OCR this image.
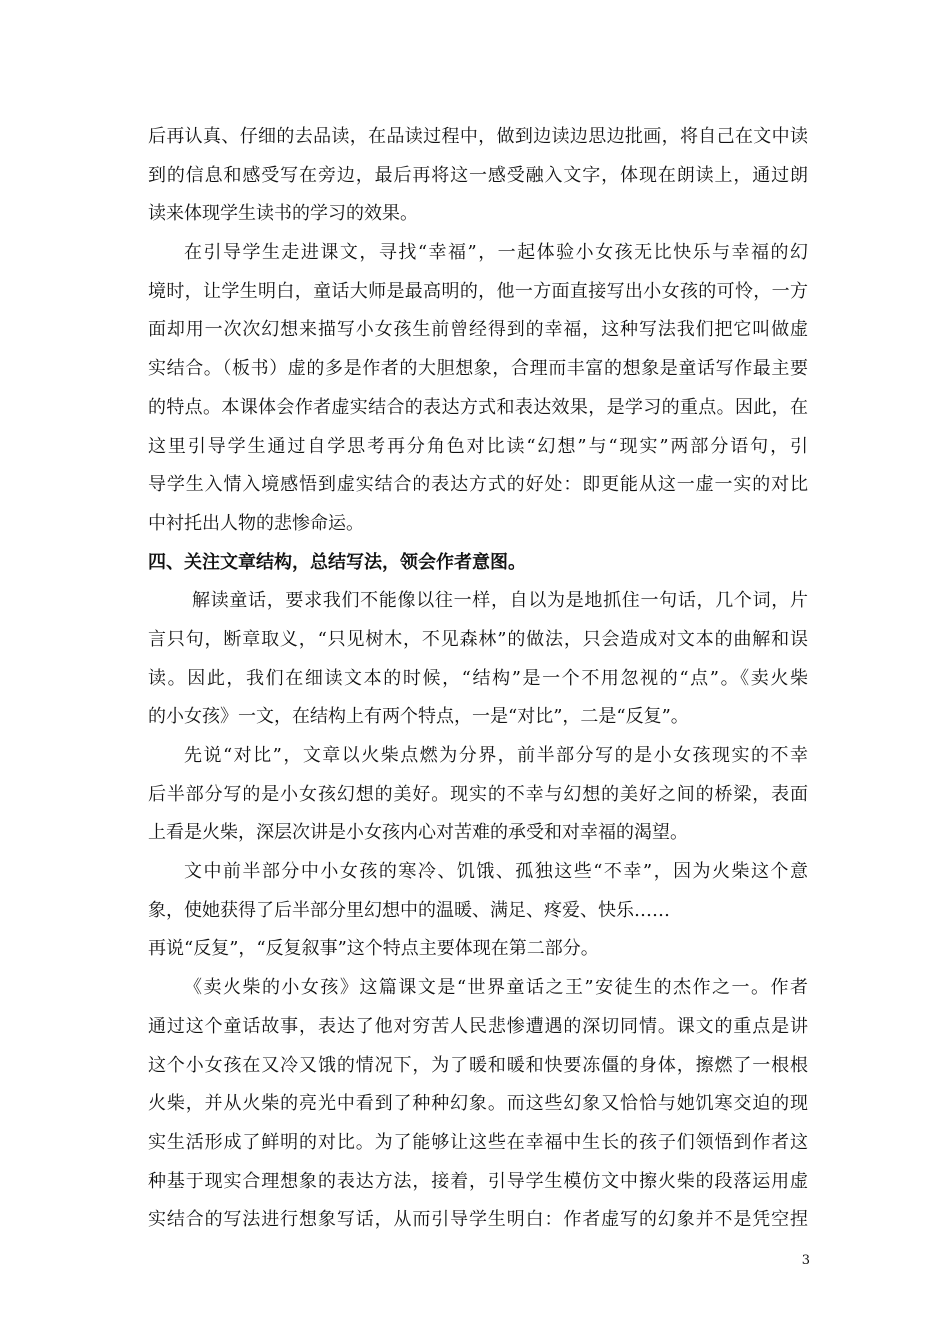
后再认真、仔细的去品读，在品读过程中，做到边读边思边批画，将自己在文中读
到的信息和感受写在旁边，最后再将这一感受融入文字，体现在朗读上，通过朗
读来体现学生读书的学习的效果。
在引导学生走进课文，寻找“幸福”，一起体验小女孩无比快乐与幸福的幻
境时，让学生明白，童话大师是最高明的，他一方面直接写出小女孩的可怜，一方
面却用一次次幻想来描写小女孩生前曾经得到的幸福，这种写法我们把它叫做虚
实结合。（板书）虚的多是作者的大胆想象，合理而丰富的想象是童话写作最主要
的特点。本课体会作者虚实结合的表达方式和表达效果，是学习的重点。因此，在
这里引导学生通过自学思考再分角色对比读“幻想”与“现实”两部分语句，引
导学生入情入境感悟到虚实结合的表达方式的好处：即更能从这一虚一实的对比
中衬托出人物的悲惨命运。
四、关注文章结构，总结写法，领会作者意图。
解读童话，要求我们不能像以往一样，自以为是地抓住一句话，几个词，片
言只句，断章取义，“只见树木，不见森林”的做法，只会造成对文本的曲解和误
读。因此，我们在细读文本的时候，“结构”是一个不用忽视的“点”。《卖火柴
的小女孩》一文，在结构上有两个特点，一是“对比”，二是“反复”。
先说“对比”，文章以火柴点燃为分界，前半部分写的是小女孩现实的不幸
后半部分写的是小女孩幻想的美好。现实的不幸与幻想的美好之间的桥梁，表面
上看是火柴，深层次讲是小女孩内心对苦难的承受和对幸福的渴望。
文中前半部分中小女孩的寒冷、饥饿、孤独这些“不幸”，因为火柴这个意
象，使她获得了后半部分里幻想中的温暖、满足、疼爱、快乐……
再说“反复”，“反复叙事”这个特点主要体现在第二部分。
《卖火柴的小女孩》这篇课文是“世界童话之王”安徒生的杰作之一。作者
通过这个童话故事，表达了他对穷苦人民悲惨遭遇的深切同情。课文的重点是讲
这个小女孩在又冷又饿的情况下，为了暖和暖和快要冻僵的身体，擦燃了一根根
火柴，并从火柴的亮光中看到了种种幻象。而这些幻象又恰恰与她饥寒交迫的现
实生活形成了鲜明的对比。为了能够让这些在幸福中生长的孩子们领悟到作者这
种基于现实合理想象的表达方法，接着，引导学生模仿文中擦火柴的段落运用虚
实结合的写法进行想象写话，从而引导学生明白：作者虚写的幻象并不是凭空捏
3
